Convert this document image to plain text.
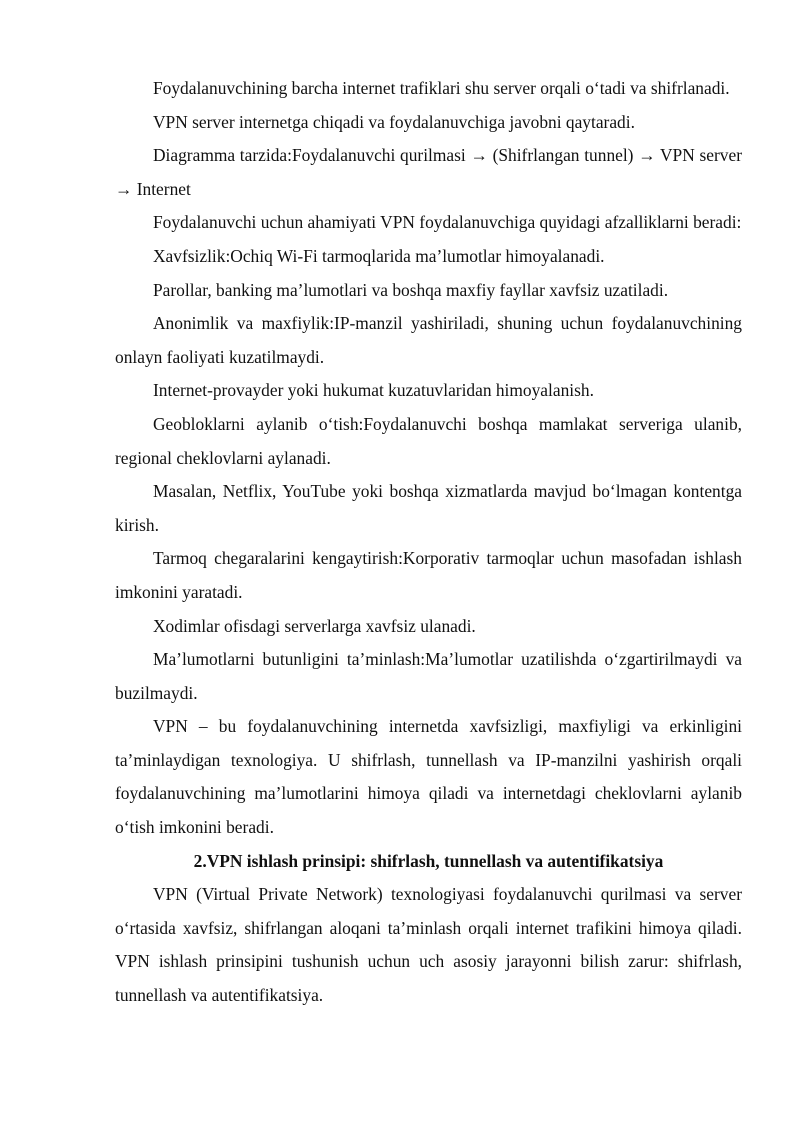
Foydalanuvchining barcha internet trafiklari shu server orqali o‘tadi va shifrlanadi.

VPN server internetga chiqadi va foydalanuvchiga javobni qaytaradi.

Diagramma tarzida:Foydalanuvchi qurilmasi → (Shifrlangan tunnel) → VPN server → Internet

Foydalanuvchi uchun ahamiyati VPN foydalanuvchiga quyidagi afzalliklarni beradi:

Xavfsizlik:Ochiq Wi-Fi tarmoqlarida ma’lumotlar himoyalanadi.

Parollar, banking ma’lumotlari va boshqa maxfiy fayllar xavfsiz uzatiladi.

Anonimlik va maxfiylik:IP-manzil yashiriladi, shuning uchun foydalanuvchining onlayn faoliyati kuzatilmaydi.

Internet-provayder yoki hukumat kuzatuvlaridan himoyalanish.

Geobloklarni aylanib o‘tish:Foydalanuvchi boshqa mamlakat serveriga ulanib, regional cheklovlarni aylanadi.

Masalan, Netflix, YouTube yoki boshqa xizmatlarda mavjud bo‘lmagan kontentga kirish.

Tarmoq chegaralarini kengaytirish:Korporativ tarmoqlar uchun masofadan ishlash imkonini yaratadi.

Xodimlar ofisdagi serverlarga xavfsiz ulanadi.

Ma’lumotlarni butunligini ta’minlash:Ma’lumotlar uzatilishda o‘zgartirilmaydi va buzilmaydi.

VPN – bu foydalanuvchining internetda xavfsizligi, maxfiyligi va erkinligini ta’minlaydigan texnologiya. U shifrlash, tunnellash va IP-manzilni yashirish orqali foydalanuvchining ma’lumotlarini himoya qiladi va internetdagi cheklovlarni aylanib o‘tish imkonini beradi.

2.VPN ishlash prinsipi: shifrlash, tunnellash va autentifikatsiya

VPN (Virtual Private Network) texnologiyasi foydalanuvchi qurilmasi va server o‘rtasida xavfsiz, shifrlangan aloqani ta’minlash orqali internet trafikini himoya qiladi. VPN ishlash prinsipini tushunish uchun uch asosiy jarayonni bilish zarur: shifrlash, tunnellash va autentifikatsiya.
